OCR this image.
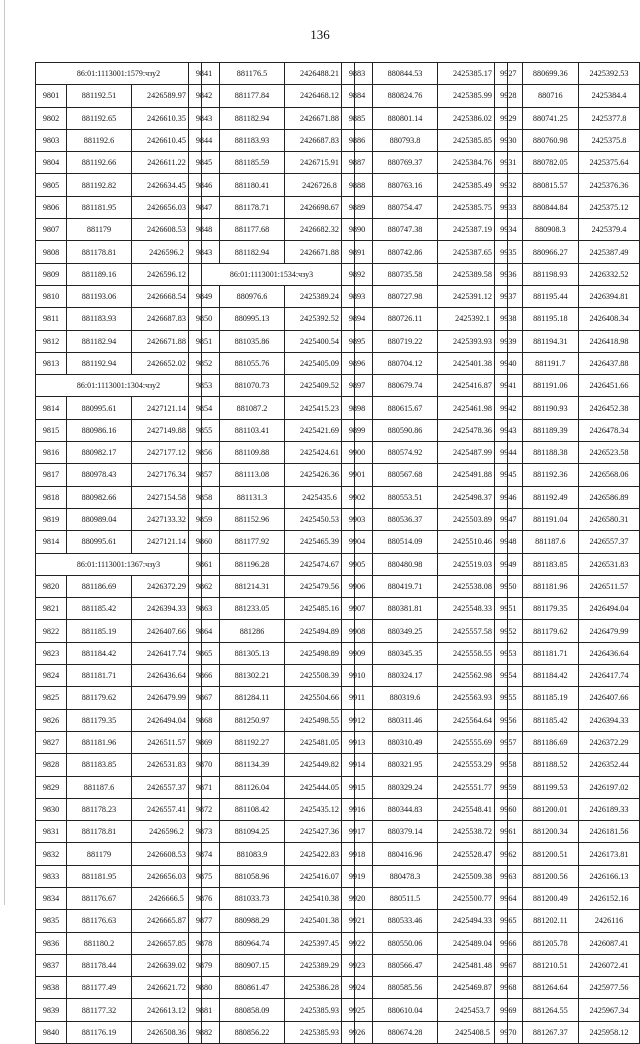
136
86:01:1113001:1579:чзу2		
9801	881192.51	2426589.97
9802	881192.65	2426610.35
9803	881192.6	2426610.45
9804	881192.66	2426611.22
9805	881192.82	2426634.45
9806	881181.95	2426656.03
9807	881179	2426608.53
9808	881178.81	2426596.2
9809	881189.16	2426596.12
9810	881193.06	2426668.54
9811	881183.93	2426687.83
9812	881182.94	2426671.88
9813	881192.94	2426652.02
86:01:1113001:1304:чзу2		
9814	880995.61	2427121.14
9815	880986.16	2427149.88
9816	880982.17	2427177.12
9817	880978.43	2427176.34
9818	880982.66	2427154.58
9819	880989.04	2427133.32
9814	880995.61	2427121.14
86:01:1113001:1367:чзу3		
9820	881186.69	2426372.29
9821	881185.42	2426394.33
9822	881185.19	2426407.66
9823	881184.42	2426417.74
9824	881181.71	2426436.64
9825	881179.62	2426479.99
9826	881179.35	2426494.04
9827	881181.96	2426511.57
9828	881183.85	2426531.83
9829	881187.6	2426557.37
9830	881178.23	2426557.41
9831	881178.81	2426596.2
9832	881179	2426608.53
9833	881181.95	2426656.03
9834	881176.67	2426666.5
9835	881176.63	2426665.87
9836	881180.2	2426657.85
9837	881178.44	2426639.02
9838	881177.49	2426621.72
9839	881177.32	2426613.12
9840	881176.19	2426508.36
9841	881176.5	2426488.21
9842	881177.84	2426468.12
9843	881182.94	2426671.88
9844	881183.93	2426687.83
9845	881185.59	2426715.91
9846	881180.41	2426726.8
9847	881178.71	2426698.67
9848	881177.68	2426682.32
9843	881182.94	2426671.88
86:01:1113001:1534:чзу3		
9849	880976.6	2425389.24
9850	880995.13	2425392.52
9851	881035.86	2425400.54
9852	881055.76	2425405.09
9853	881070.73	2425409.52
9854	881087.2	2425415.23
9855	881103.41	2425421.69
9856	881109.88	2425424.61
9857	881113.08	2425426.36
9858	881131.3	2425435.6
9859	881152.96	2425450.53
9860	881177.92	2425465.39
9861	881196.28	2425474.67
9862	881214.31	2425479.56
9863	881233.05	2425485.16
9864	881286	2425494.89
9865	881305.13	2425498.89
9866	881302.21	2425508.39
9867	881284.11	2425504.66
9868	881250.97	2425498.55
9869	881192.27	2425481.05
9870	881134.39	2425449.82
9871	881126.04	2425444.05
9872	881108.42	2425435.12
9873	881094.25	2425427.36
9874	881083.9	2425422.83
9875	881058.96	2425416.07
9876	881033.73	2425410.38
9877	880988.29	2425401.38
9878	880964.74	2425397.45
9879	880907.15	2425389.29
9880	880861.47	2425386.28
9881	880858.09	2425385.93
9882	880856.22	2425385.93
9883	880844.53	2425385.17
9884	880824.76	2425385.99
9885	880801.14	2425386.02
9886	880793.8	2425385.85
9887	880769.37	2425384.76
9888	880763.16	2425385.49
9889	880754.47	2425385.75
9890	880747.38	2425387.19
9891	880742.86	2425387.65
9892	880735.58	2425389.58
9893	880727.98	2425391.12
9894	880726.11	2425392.1
9895	880719.22	2425393.93
9896	880704.12	2425401.38
9897	880679.74	2425416.87
9898	880615.67	2425461.98
9899	880590.86	2425478.36
9900	880574.92	2425487.99
9901	880567.68	2425491.88
9902	880553.51	2425498.37
9903	880536.37	2425503.89
9904	880514.09	2425510.46
9905	880480.98	2425519.03
9906	880419.71	2425538.08
9907	880381.81	2425548.33
9908	880349.25	2425557.58
9909	880345.35	2425558.55
9910	880324.17	2425562.98
9911	880319.6	2425563.93
9912	880311.46	2425564.64
9913	880310.49	2425555.69
9914	880321.95	2425553.29
9915	880329.24	2425551.77
9916	880344.83	2425548.41
9917	880379.14	2425538.72
9918	880416.96	2425528.47
9919	880478.3	2425509.38
9920	880511.5	2425500.77
9921	880533.46	2425494.33
9922	880550.06	2425489.04
9923	880566.47	2425481.48
9924	880585.56	2425469.87
9925	880610.04	2425453.7
9926	880674.28	2425408.5
9927	880699.36	2425392.53
9928	880716	2425384.4
9929	880741.25	2425377.8
9930	880760.98	2425375.8
9931	880782.05	2425375.64
9932	880815.57	2425376.36
9933	880844.84	2425375.12
9934	880908.3	2425379.4
9935	880966.27	2425387.49
9936	881198.93	2426332.52
9937	881195.44	2426394.81
9938	881195.18	2426408.34
9939	881194.31	2426418.98
9940	881191.7	2426437.88
9941	881191.06	2426451.66
9942	881190.93	2426452.38
9943	881189.39	2426478.34
9944	881188.38	2426523.58
9945	881192.36	2426568.06
9946	881192.49	2426586.89
9947	881191.04	2426580.31
9948	881187.6	2426557.37
9949	881183.85	2426531.83
9950	881181.96	2426511.57
9951	881179.35	2426494.04
9952	881179.62	2426479.99
9953	881181.71	2426436.64
9954	881184.42	2426417.74
9955	881185.19	2426407.66
9956	881185.42	2426394.33
9957	881186.69	2426372.29
9958	881188.52	2426352.44
9959	881199.53	2426197.02
9960	881200.01	2426189.33
9961	881200.34	2426181.56
9962	881200.51	2426173.81
9963	881200.56	2426166.13
9964	881200.49	2426152.16
9965	881202.11	2426116
9966	881205.78	2426087.41
9967	881210.51	2426072.41
9968	881264.64	2425977.56
9969	881264.55	2425967.34
9970	881267.37	2425958.12
